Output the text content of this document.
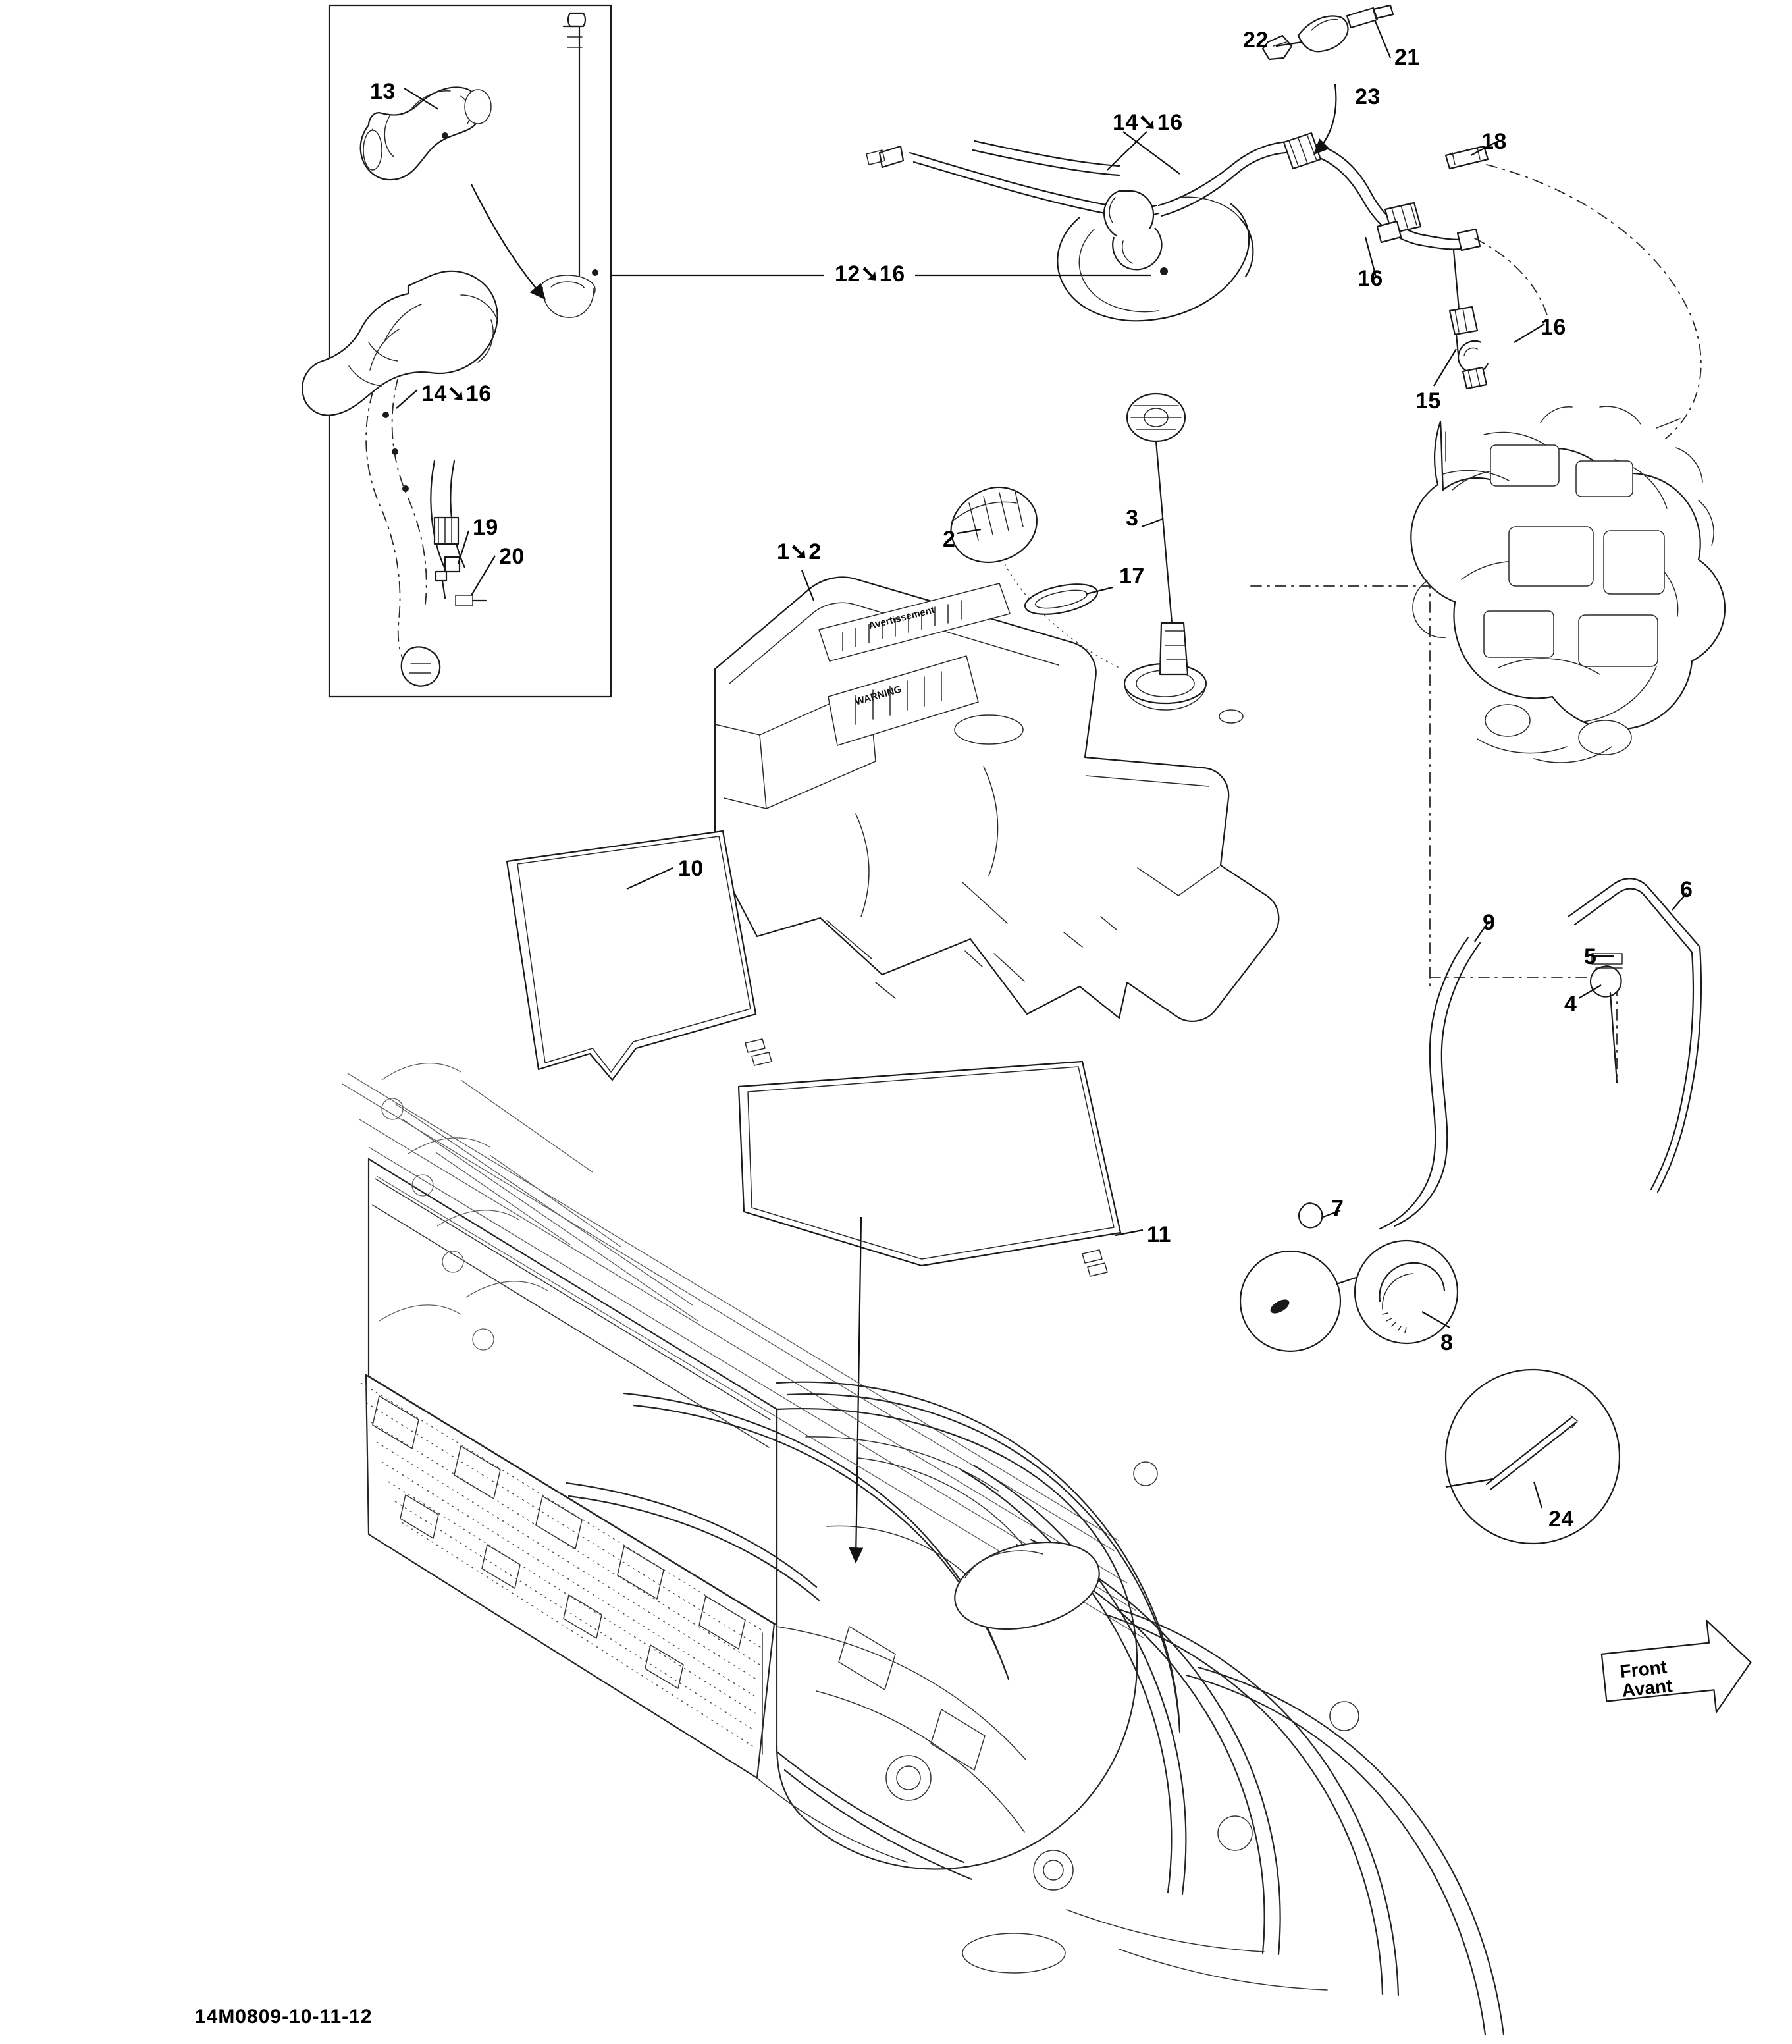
13
14➘16
19
20
12➘16
14➘16
22
21
23
18
16
16
15
2
3
1➘2
17
10
11
9
6
5
4
7
8
24
Avertissement
WARNING
Front
Avant
14M0809-10-11-12
